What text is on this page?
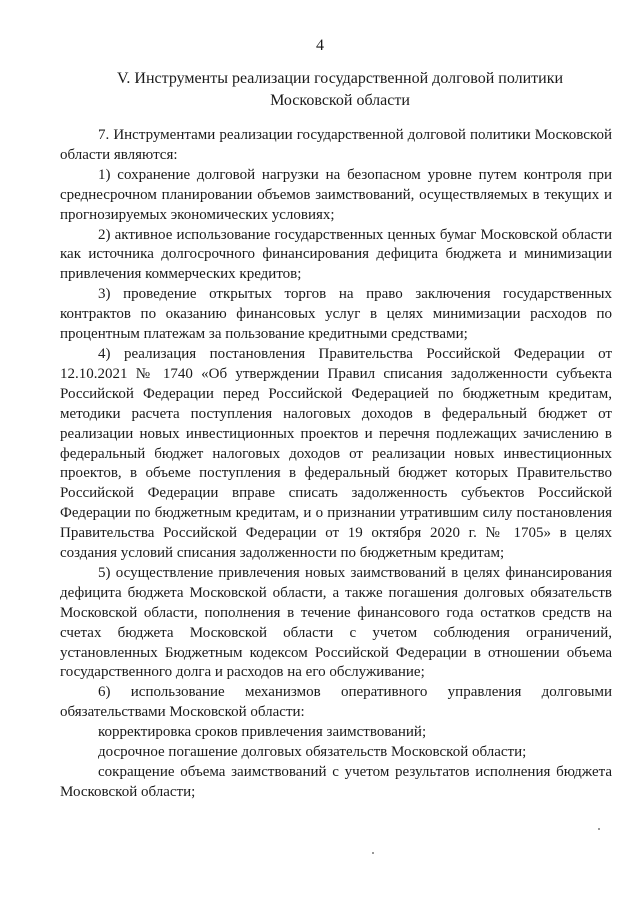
4
V. Инструменты реализации государственной долговой политики
Московской области

7. Инструментами реализации государственной долговой политики Московской области являются:

1) сохранение долговой нагрузки на безопасном уровне путем контроля при среднесрочном планировании объемов заимствований, осуществляемых в текущих и прогнозируемых экономических условиях;

2) активное использование государственных ценных бумаг Московской области как источника долгосрочного финансирования дефицита бюджета и минимизации привлечения коммерческих кредитов;

3) проведение открытых торгов на право заключения государственных контрактов по оказанию финансовых услуг в целях минимизации расходов по процентным платежам за пользование кредитными средствами;

4) реализация постановления Правительства Российской Федерации от 12.10.2021 № 1740 «Об утверждении Правил списания задолженности субъекта Российской Федерации перед Российской Федерацией по бюджетным кредитам, методики расчета поступления налоговых доходов в федеральный бюджет от реализации новых инвестиционных проектов и перечня подлежащих зачислению в федеральный бюджет налоговых доходов от реализации новых инвестиционных проектов, в объеме поступления в федеральный бюджет которых Правительство Российской Федерации вправе списать задолженность субъектов Российской Федерации по бюджетным кредитам, и о признании утратившим силу постановления Правительства Российской Федерации от 19 октября 2020 г. № 1705» в целях создания условий списания задолженности по бюджетным кредитам;

5) осуществление привлечения новых заимствований в целях финансирования дефицита бюджета Московской области, а также погашения долговых обязательств Московской области, пополнения в течение финансового года остатков средств на счетах бюджета Московской области с учетом соблюдения ограничений, установленных Бюджетным кодексом Российской Федерации в отношении объема государственного долга и расходов на его обслуживание;

6) использование механизмов оперативного управления долговыми обязательствами Московской области:

корректировка сроков привлечения заимствований;

досрочное погашение долговых обязательств Московской области;

сокращение объема заимствований с учетом результатов исполнения бюджета Московской области;
